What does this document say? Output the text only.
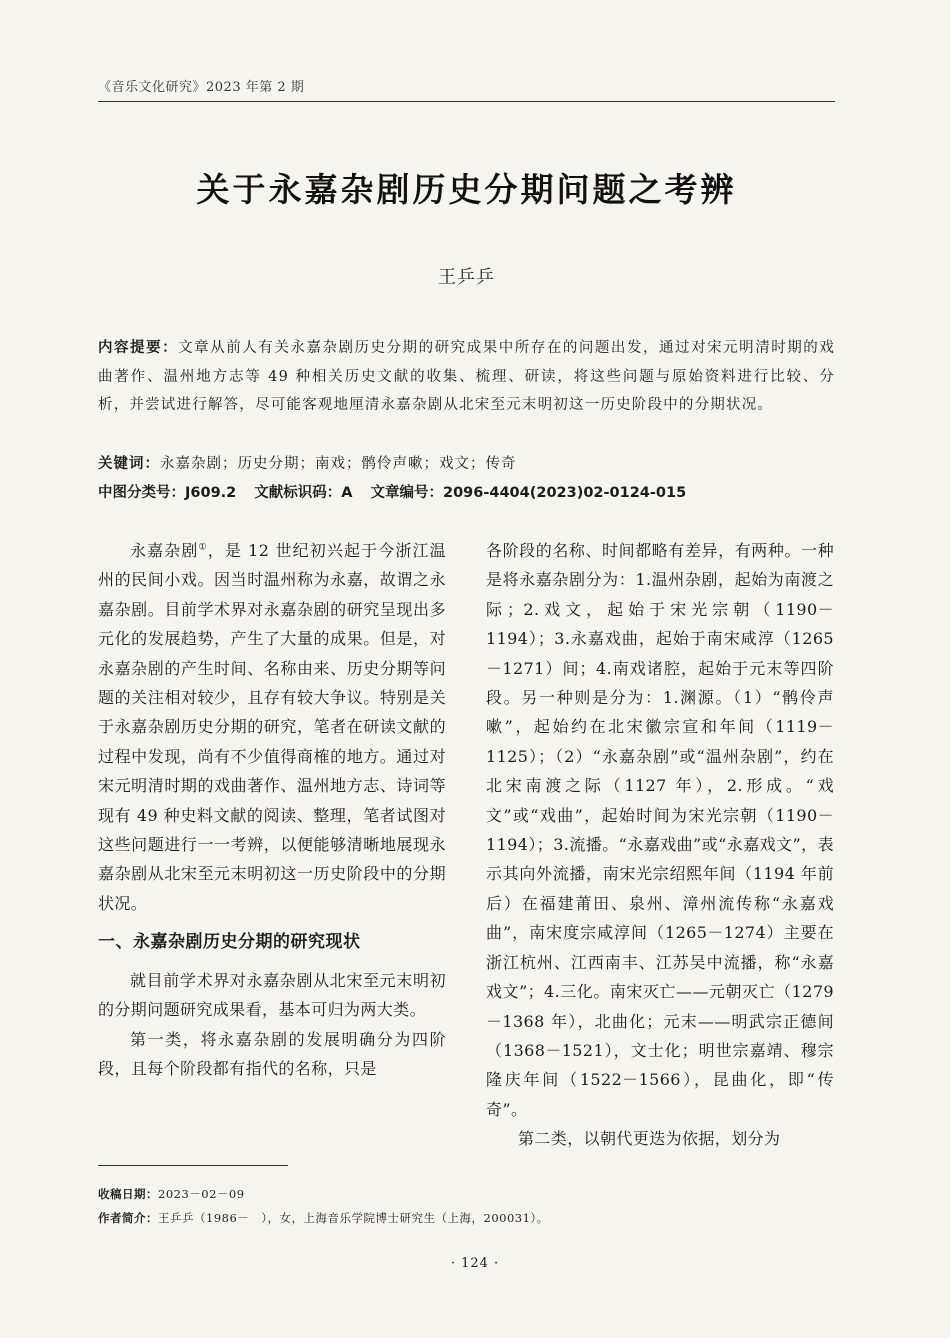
《音乐文化研究》2023 年第 2 期
关于永嘉杂剧历史分期问题之考辨
王乒乒

内容提要：文章从前人有关永嘉杂剧历史分期的研究成果中所存在的问题出发，通过对宋元明清时期的戏曲著作、温州地方志等 49 种相关历史文献的收集、梳理、研读，将这些问题与原始资料进行比较、分析，并尝试进行解答，尽可能客观地厘清永嘉杂剧从北宋至元末明初这一历史阶段中的分期状况。

关键词：永嘉杂剧；历史分期；南戏；鹘伶声嗽；戏文；传奇

中图分类号：J609.2 文献标识码：A 文章编号：2096-4404(2023)02-0124-015

永嘉杂剧①，是 12 世纪初兴起于今浙江温州的民间小戏。因当时温州称为永嘉，故谓之永嘉杂剧。目前学术界对永嘉杂剧的研究呈现出多元化的发展趋势，产生了大量的成果。但是，对永嘉杂剧的产生时间、名称由来、历史分期等问题的关注相对较少，且存有较大争议。特别是关于永嘉杂剧历史分期的研究，笔者在研读文献的过程中发现，尚有不少值得商榷的地方。通过对宋元明清时期的戏曲著作、温州地方志、诗词等现有 49 种史料文献的阅读、整理，笔者试图对这些问题进行一一考辨，以便能够清晰地展现永嘉杂剧从北宋至元末明初这一历史阶段中的分期状况。

一、永嘉杂剧历史分期的研究现状

就目前学术界对永嘉杂剧从北宋至元末明初的分期问题研究成果看，基本可归为两大类。

第一类，将永嘉杂剧的发展明确分为四阶段，且每个阶段都有指代的名称，只是

各阶段的名称、时间都略有差异，有两种。一种是将永嘉杂剧分为：1.温州杂剧，起始为南渡之际；2.戏文，起始于宋光宗朝（1190－1194）；3.永嘉戏曲，起始于南宋咸淳（1265－1271）间；4.南戏诸腔，起始于元末等四阶段。另一种则是分为：1.渊源。（1）“鹘伶声嗽”，起始约在北宋徽宗宣和年间（1119－1125）；（2）“永嘉杂剧”或“温州杂剧”，约在北宋南渡之际（1127 年），2.形成。“戏文”或“戏曲”，起始时间为宋光宗朝（1190－1194）；3.流播。“永嘉戏曲”或“永嘉戏文”，表示其向外流播，南宋光宗绍熙年间（1194 年前后）在福建莆田、泉州、漳州流传称“永嘉戏曲”，南宋度宗咸淳间（1265－1274）主要在浙江杭州、江西南丰、江苏吴中流播，称“永嘉戏文”；4.三化。南宋灭亡——元朝灭亡（1279－1368 年），北曲化；元末——明武宗正德间（1368－1521），文士化；明世宗嘉靖、穆宗隆庆年间（1522－1566），昆曲化，即“传奇”。

第二类，以朝代更迭为依据，划分为

收稿日期：2023－02－09
作者简介：王乒乒（1986－　），女，上海音乐学院博士研究生（上海，200031）。
· 124 ·
